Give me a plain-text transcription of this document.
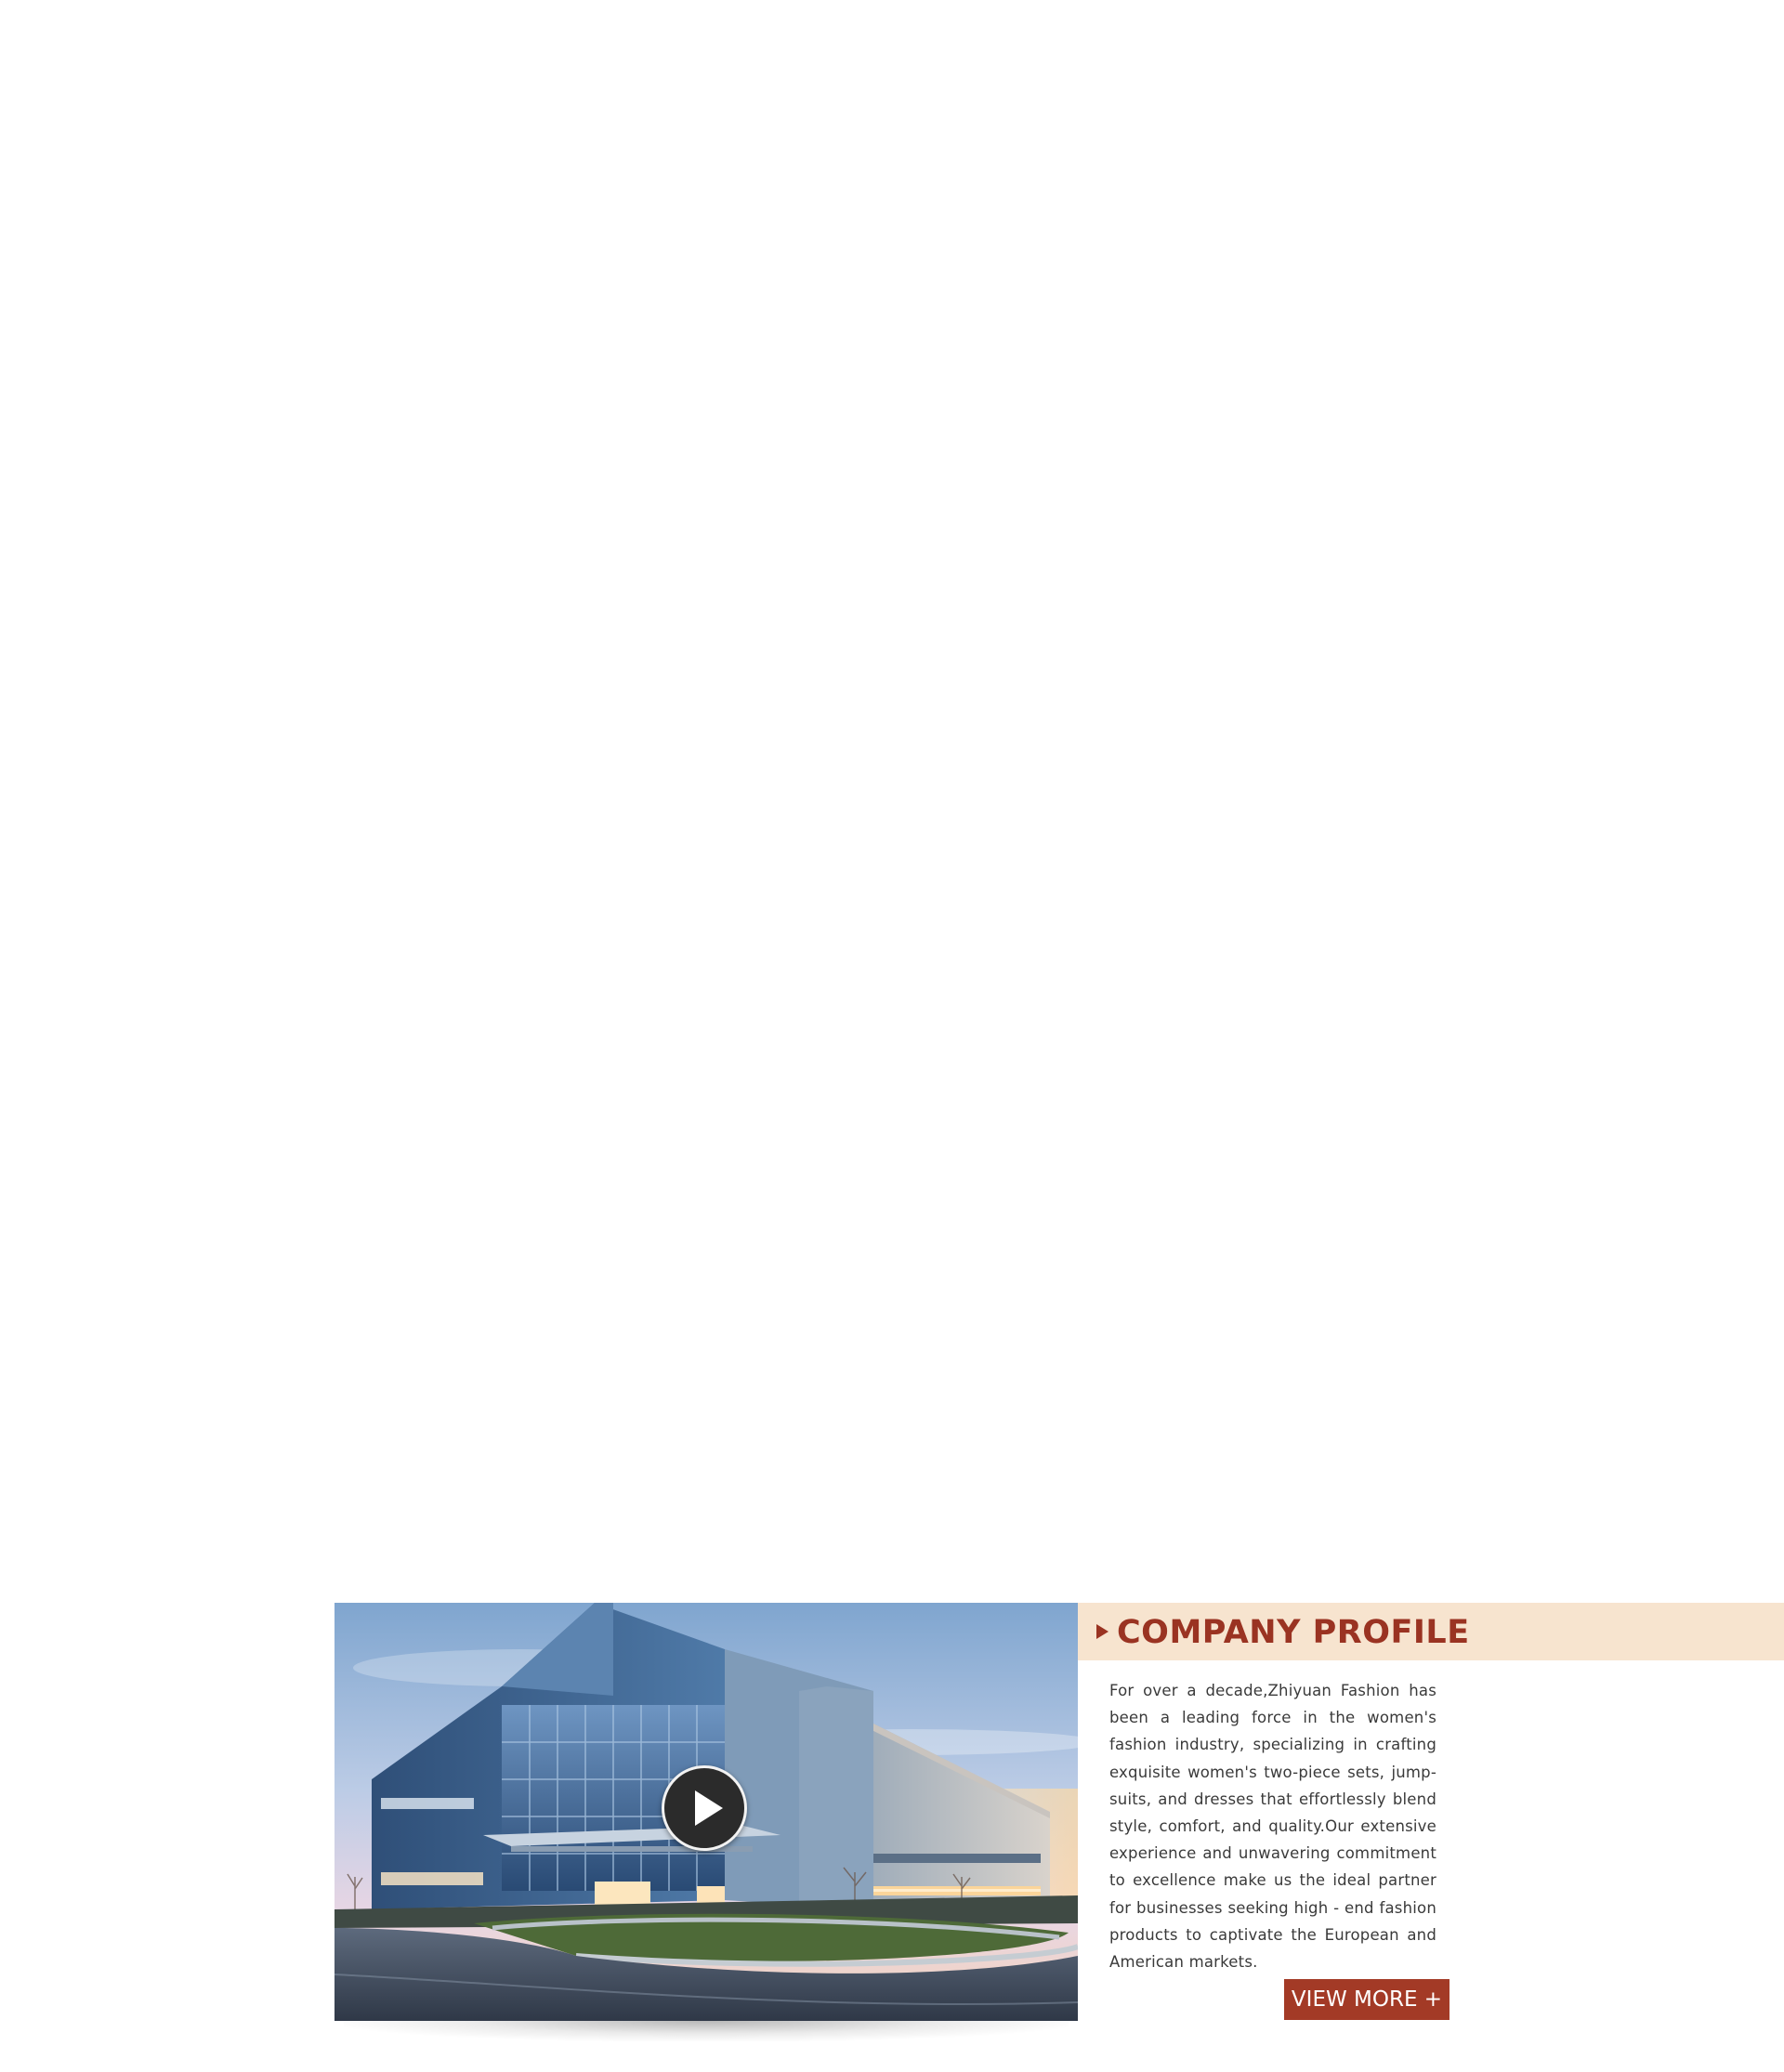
COMPANY PROFILE

For over a decade,Zhiyuan Fashion has been a leading force in the women's fashion industry, specializing in crafting exquisite women's two-piece sets, jump-suits, and dresses that effortlessly blend style, comfort, and quality.Our extensive experience and unwavering commitment to excellence make us the ideal partner for businesses seeking high - end fashion products to captivate the European and American markets.

VIEW MORE +
